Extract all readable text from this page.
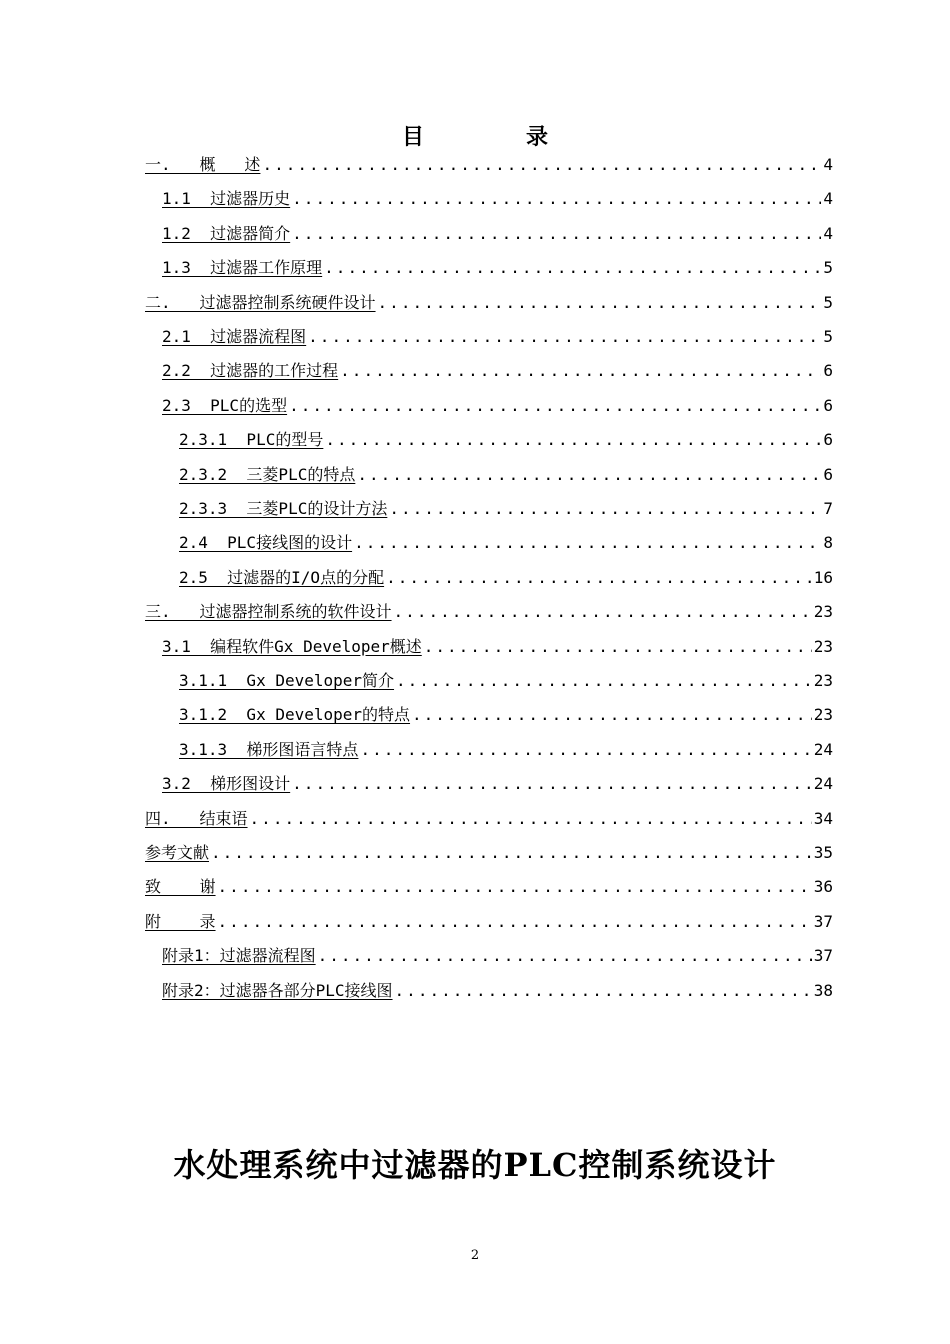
目　录
一.   概   述 .....	4
1.1  过滤器历史 .....	4
1.2  过滤器简介 .....	4
1.3  过滤器工作原理 .....	5
二.   过滤器控制系统硬件设计 .....	5
2.1  过滤器流程图 .....	5
2.2  过滤器的工作过程 .....	6
2.3  PLC的选型 .....	6
2.3.1  PLC的型号 .....	6
2.3.2  三菱PLC的特点 .....	6
2.3.3  三菱PLC的设计方法 .....	7
2.4  PLC接线图的设计 .....	8
2.5  过滤器的I/O点的分配 .....	16
三.   过滤器控制系统的软件设计 .....	23
3.1  编程软件Gx Developer概述 .....	23
3.1.1  Gx Developer简介 .....	23
3.1.2  Gx Developer的特点 .....	23
3.1.3  梯形图语言特点 .....	24
3.2  梯形图设计 .....	24
四.   结束语 .....	34
参考文献 .....	35
致    谢 .....	36
附    录 .....	37
附录1：过滤器流程图 .....	37
附录2：过滤器各部分PLC接线图 .....	38
水处理系统中过滤器的PLC控制系统设计
2
